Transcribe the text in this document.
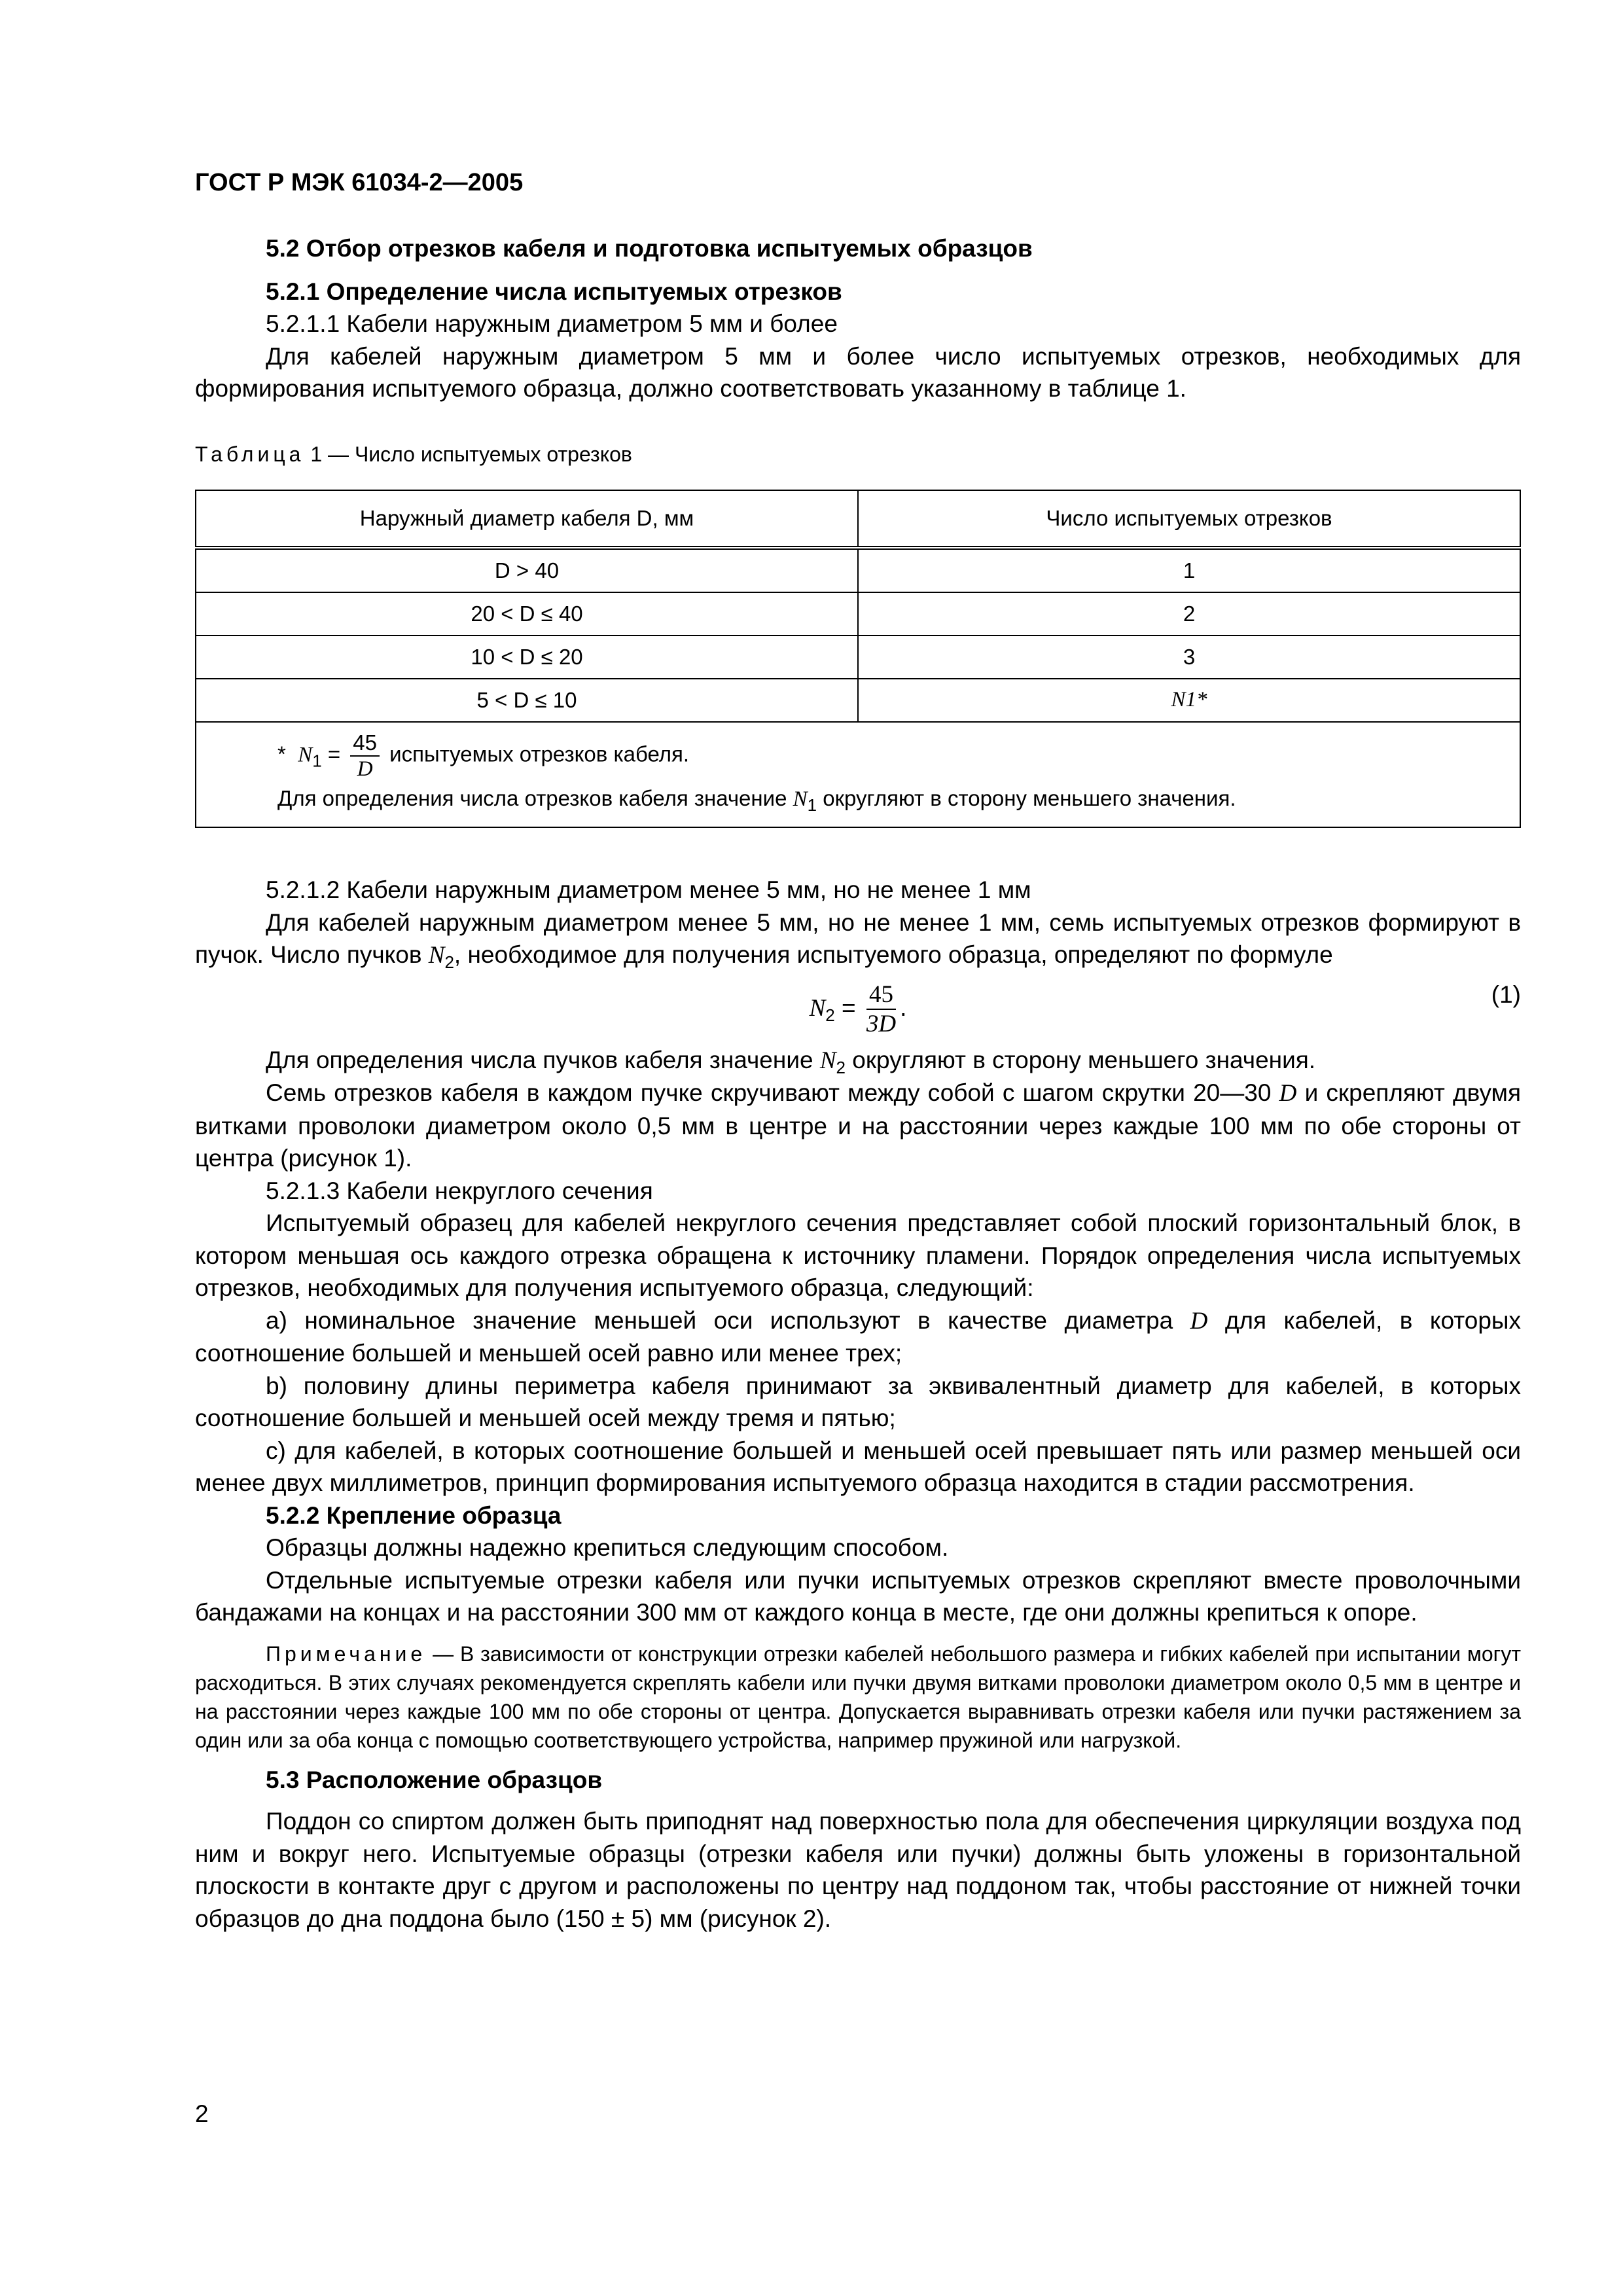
ГОСТ Р МЭК 61034-2—2005

5.2 Отбор отрезков кабеля и подготовка испытуемых образцов

5.2.1 Определение числа испытуемых отрезков

5.2.1.1 Кабели наружным диаметром 5 мм и более

Для кабелей наружным диаметром 5 мм и более число испытуемых отрезков, необходимых для формирования испытуемого образца, должно соответствовать указанному в таблице 1.

Таблица 1 — Число испытуемых отрезков
Наружный диаметр кабеля D, мм	Число испытуемых отрезков
D > 40	1
20 < D ≤ 40	2
10 < D ≤ 20	3
5 < D ≤ 10	N1*

* $N_1 = \frac{45}{D}$ испытуемых отрезков кабеля.
Для определения числа отрезков кабеля значение $N_1$ округляют в сторону меньшего значения.	

5.2.1.2 Кабели наружным диаметром менее 5 мм, но не менее 1 мм

Для кабелей наружным диаметром менее 5 мм, но не менее 1 мм, семь испытуемых отрезков формируют в пучок. Число пучков $N_2$, необходимое для получения испытуемого образца, определяют по формуле

$N_2 = \frac{45}{3D}$ .	(1)

Для определения числа пучков кабеля значение $N_2$ округляют в сторону меньшего значения.

Семь отрезков кабеля в каждом пучке скручивают между собой с шагом скрутки 20—30 D и скрепляют двумя витками проволоки диаметром около 0,5 мм в центре и на расстоянии через каждые 100 мм по обе стороны от центра (рисунок 1).

5.2.1.3 Кабели некруглого сечения

Испытуемый образец для кабелей некруглого сечения представляет собой плоский горизонтальный блок, в котором меньшая ось каждого отрезка обращена к источнику пламени. Порядок определения числа испытуемых отрезков, необходимых для получения испытуемого образца, следующий:

a) номинальное значение меньшей оси используют в качестве диаметра D для кабелей, в которых соотношение большей и меньшей осей равно или менее трех;

b) половину длины периметра кабеля принимают за эквивалентный диаметр для кабелей, в которых соотношение большей и меньшей осей между тремя и пятью;

c) для кабелей, в которых соотношение большей и меньшей осей превышает пять или размер меньшей оси менее двух миллиметров, принцип формирования испытуемого образца находится в стадии рассмотрения.

5.2.2 Крепление образца

Образцы должны надежно крепиться следующим способом.

Отдельные испытуемые отрезки кабеля или пучки испытуемых отрезков скрепляют вместе проволочными бандажами на концах и на расстоянии 300 мм от каждого конца в месте, где они должны крепиться к опоре.

Примечание — В зависимости от конструкции отрезки кабелей небольшого размера и гибких кабелей при испытании могут расходиться. В этих случаях рекомендуется скреплять кабели или пучки двумя витками проволоки диаметром около 0,5 мм в центре и на расстоянии через каждые 100 мм по обе стороны от центра. Допускается выравнивать отрезки кабеля или пучки растяжением за один или за оба конца с помощью соответствующего устройства, например пружиной или нагрузкой.

5.3 Расположение образцов

Поддон со спиртом должен быть приподнят над поверхностью пола для обеспечения циркуляции воздуха под ним и вокруг него. Испытуемые образцы (отрезки кабеля или пучки) должны быть уложены в горизонтальной плоскости в контакте друг с другом и расположены по центру над поддоном так, чтобы расстояние от нижней точки образцов до дна поддона было (150 ± 5) мм (рисунок 2).

2
